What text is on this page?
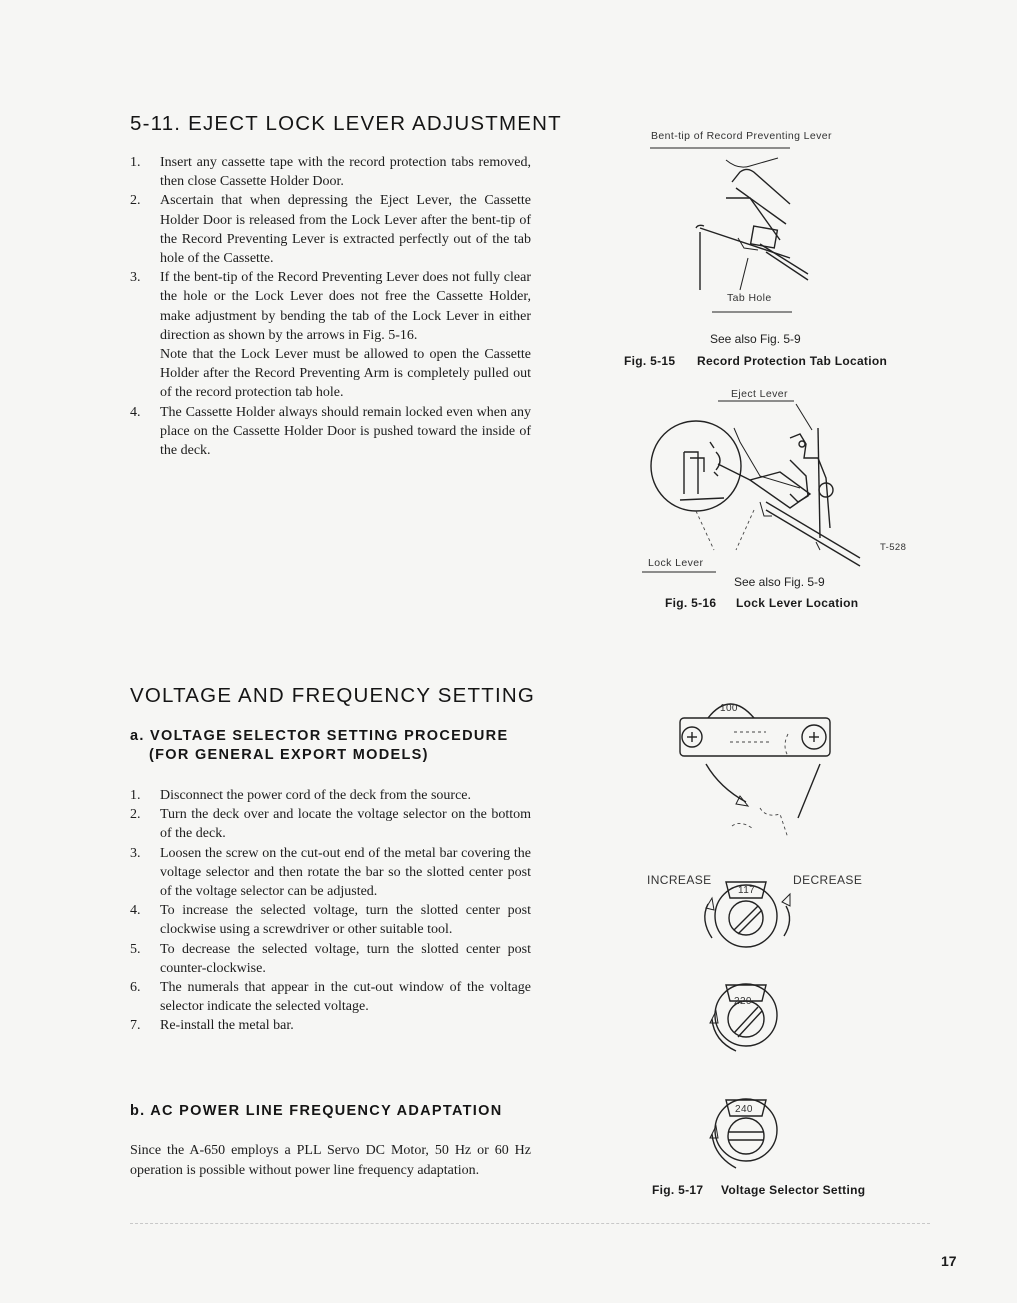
5-11. EJECT LOCK LEVER ADJUSTMENT
1. Insert any cassette tape with the record protection tabs removed, then close Cassette Holder Door.
2. Ascertain that when depressing the Eject Lever, the Cassette Holder Door is released from the Lock Lever after the bent-tip of the Record Preventing Lever is extracted perfectly out of the tab hole of the Cassette.
3. If the bent-tip of the Record Preventing Lever does not fully clear the hole or the Lock Lever does not free the Cassette Holder, make adjustment by bending the tab of the Lock Lever in either direction as shown by the arrows in Fig. 5-16.
Note that the Lock Lever must be allowed to open the Cassette Holder after the Record Preventing Arm is completely pulled out of the record protection tab hole.
4. The Cassette Holder always should remain locked even when any place on the Cassette Holder Door is pushed toward the inside of the deck.
Bent-tip of Record Preventing Lever
Tab Hole
See also Fig. 5-9
Fig. 5-15 Record Protection Tab Location
Eject Lever
T-528
Lock Lever
See also Fig. 5-9
Fig. 5-16 Lock Lever Location
VOLTAGE AND FREQUENCY SETTING
a. VOLTAGE SELECTOR SETTING PROCEDURE
(FOR GENERAL EXPORT MODELS)
1. Disconnect the power cord of the deck from the source.
2. Turn the deck over and locate the voltage selector on the bottom of the deck.
3. Loosen the screw on the cut-out end of the metal bar covering the voltage selector and then rotate the bar so the slotted center post of the voltage selector can be adjusted.
4. To increase the selected voltage, turn the slotted center post clockwise using a screwdriver or other suitable tool.
5. To decrease the selected voltage, turn the slotted center post counter-clockwise.
6. The numerals that appear in the cut-out window of the voltage selector indicate the selected voltage.
7. Re-install the metal bar.
b. AC POWER LINE FREQUENCY ADAPTATION
Since the A-650 employs a PLL Servo DC Motor, 50 Hz or 60 Hz operation is possible without power line frequency adaptation.
100
INCREASE	DECREASE
117
220
240
Fig. 5-17 Voltage Selector Setting
17
